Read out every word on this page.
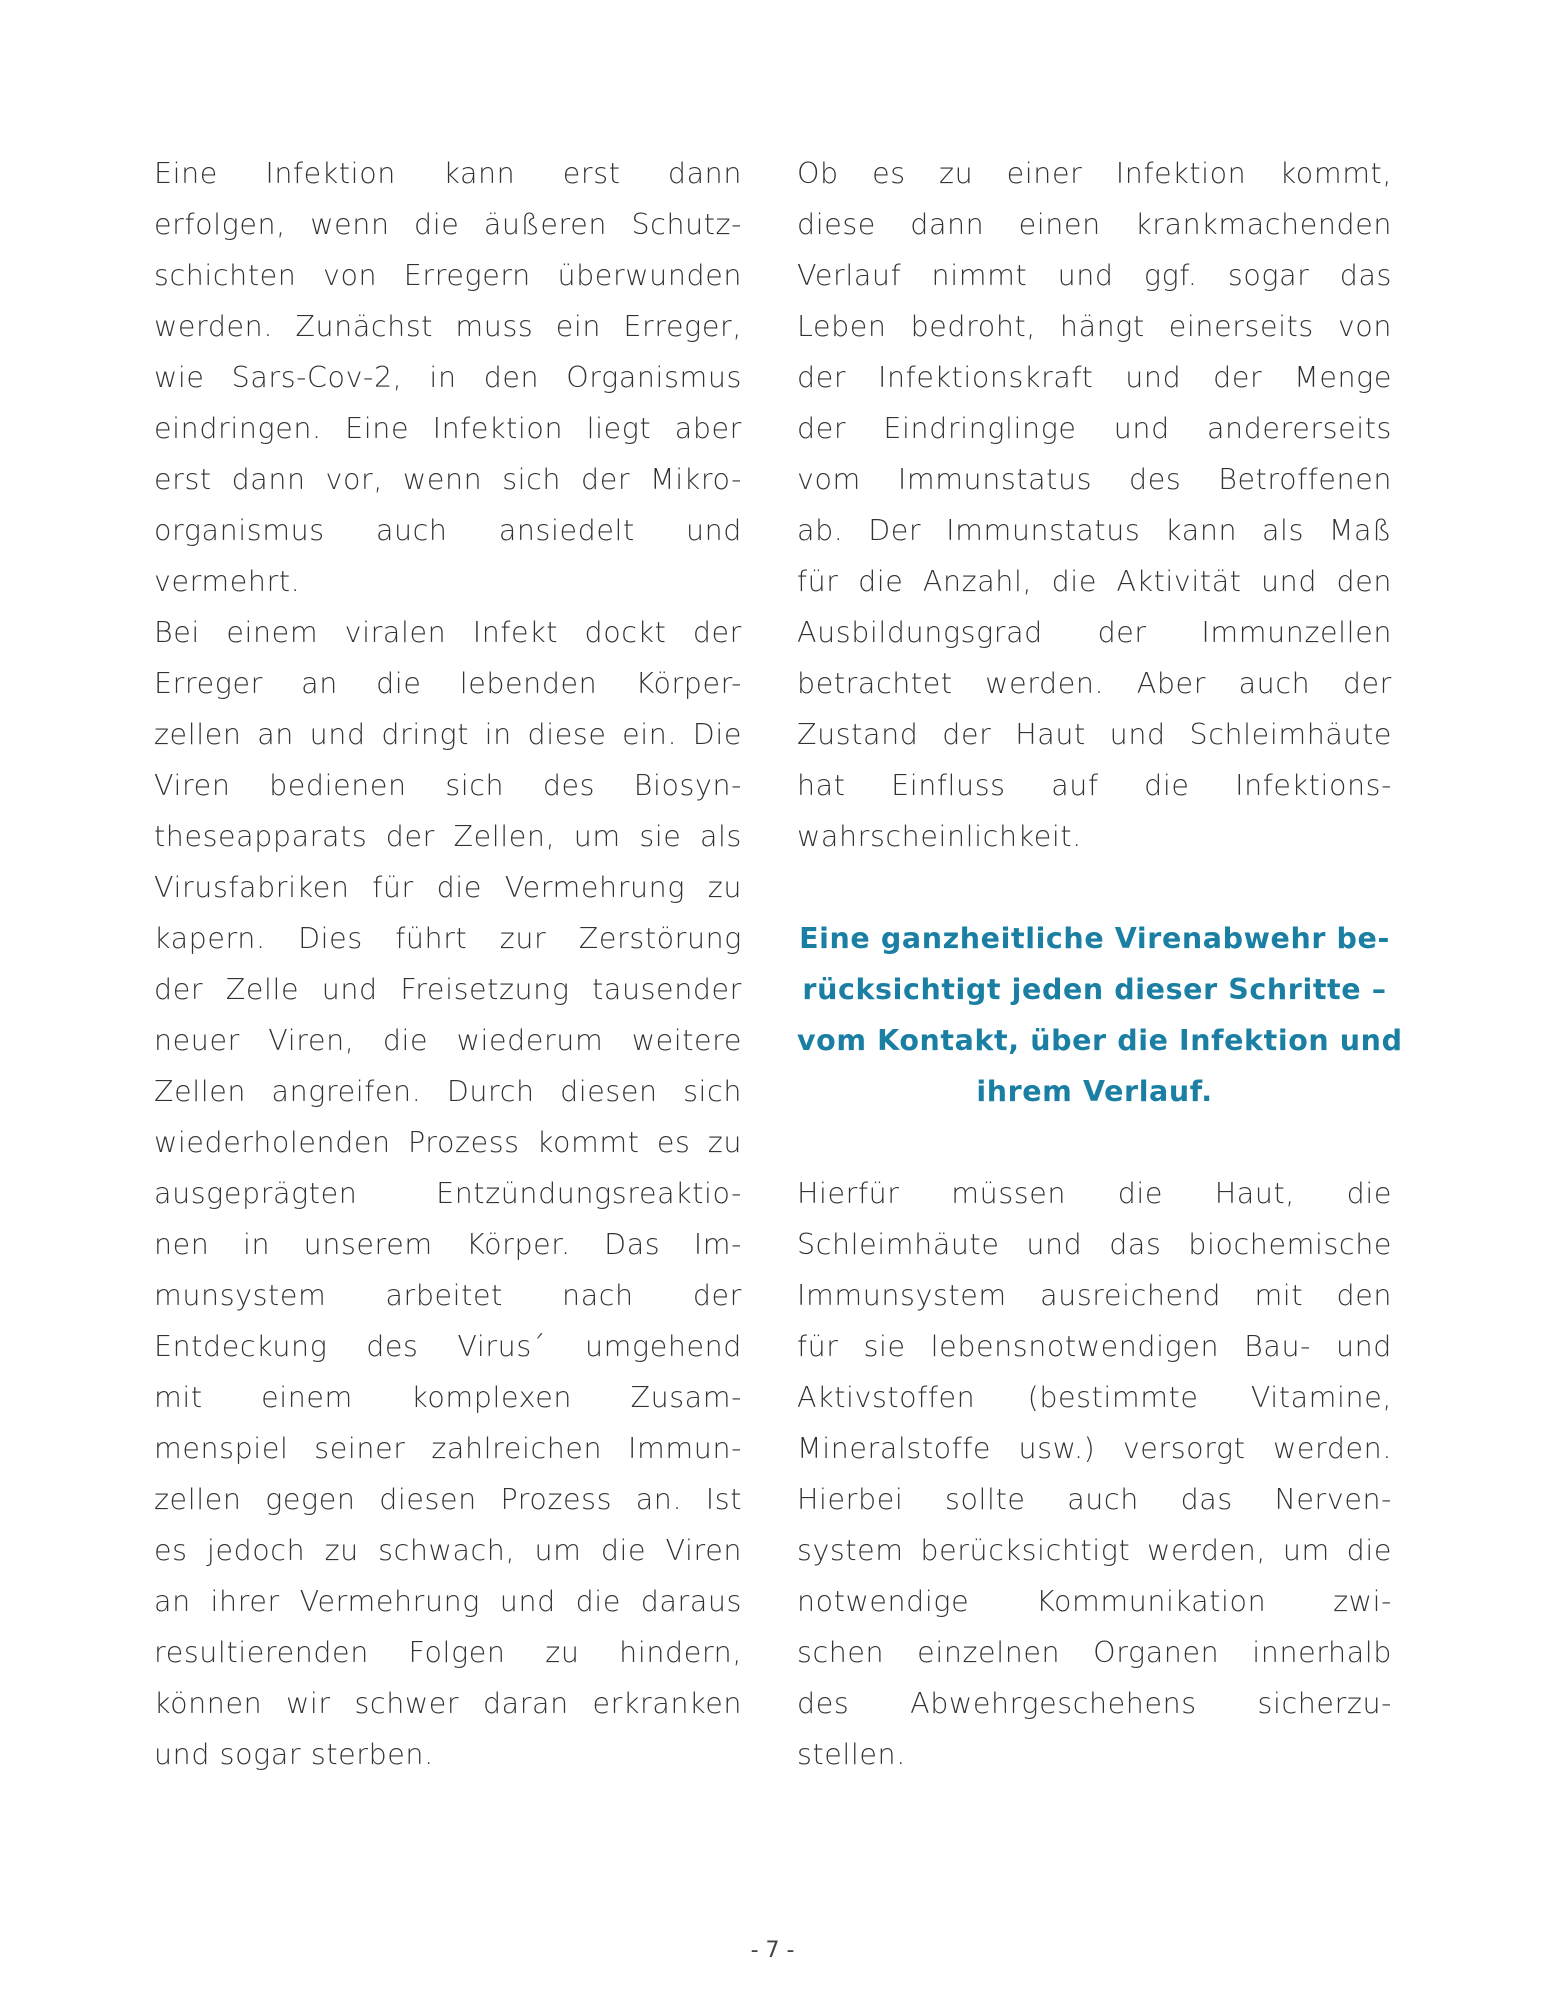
Eine Infektion kann erst dann
erfolgen, wenn die äußeren Schutz-
schichten von Erregern überwunden
werden. Zunächst muss ein Erreger,
wie Sars-Cov-2, in den Organismus
eindringen. Eine Infektion liegt aber
erst dann vor, wenn sich der Mikro-
organismus auch ansiedelt und
vermehrt.
Bei einem viralen Infekt dockt der
Erreger an die lebenden Körper-
zellen an und dringt in diese ein. Die
Viren bedienen sich des Biosyn-
theseapparats der Zellen, um sie als
Virusfabriken für die Vermehrung zu
kapern. Dies führt zur Zerstörung
der Zelle und Freisetzung tausender
neuer Viren, die wiederum weitere
Zellen angreifen. Durch diesen sich
wiederholenden Prozess kommt es zu
ausgeprägten Entzündungsreaktio-
nen in unserem Körper. Das Im-
munsystem arbeitet nach der
Entdeckung des Virus´ umgehend
mit einem komplexen Zusam-
menspiel seiner zahlreichen Immun-
zellen gegen diesen Prozess an. Ist
es jedoch zu schwach, um die Viren
an ihrer Vermehrung und die daraus
resultierenden Folgen zu hindern,
können wir schwer daran erkranken
und sogar sterben.
Ob es zu einer Infektion kommt,
diese dann einen krankmachenden
Verlauf nimmt und ggf. sogar das
Leben bedroht, hängt einerseits von
der Infektionskraft und der Menge
der Eindringlinge und andererseits
vom Immunstatus des Betroffenen
ab. Der Immunstatus kann als Maß
für die Anzahl, die Aktivität und den
Ausbildungsgrad der Immunzellen
betrachtet werden. Aber auch der
Zustand der Haut und Schleimhäute
hat Einfluss auf die Infektions-
wahrscheinlichkeit.
Eine ganzheitliche Virenabwehr be-
rücksichtigt jeden dieser Schritte –
vom Kontakt, über die Infektion und
ihrem Verlauf.
Hierfür müssen die Haut, die
Schleimhäute und das biochemische
Immunsystem ausreichend mit den
für sie lebensnotwendigen Bau- und
Aktivstoffen (bestimmte Vitamine,
Mineralstoffe usw.) versorgt werden.
Hierbei sollte auch das Nerven-
system berücksichtigt werden, um die
notwendige Kommunikation zwi-
schen einzelnen Organen innerhalb
des Abwehrgeschehens sicherzu-
stellen.
- 7 -
